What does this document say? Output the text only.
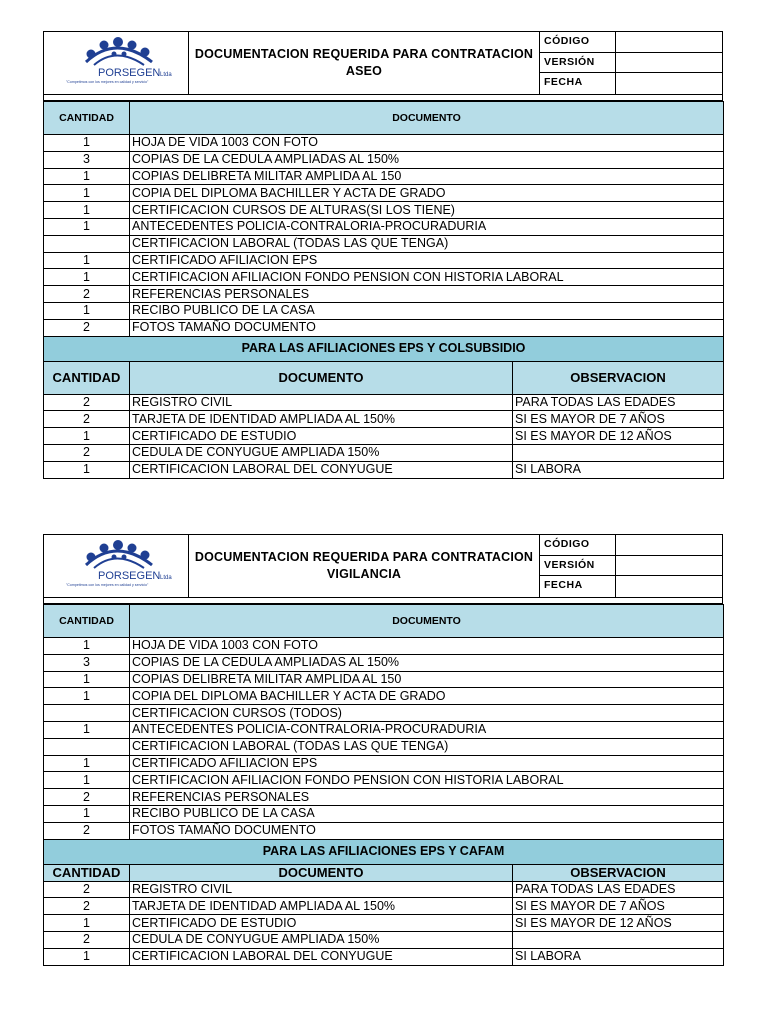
PORSEGEN Ltda
"Competimos con los mejores en calidad y servicio"
DOCUMENTACION REQUERIDA PARA CONTRATACION
ASEO
CÓDIGO
VERSIÓN
FECHA
CANTIDAD	DOCUMENTO	
1	HOJA DE VIDA 1003 CON FOTO	
3	COPIAS DE LA CEDULA AMPLIADAS AL 150%	
1	COPIAS DELIBRETA MILITAR AMPLIDA AL 150	
1	COPIA DEL DIPLOMA BACHILLER Y ACTA DE GRADO	
1	CERTIFICACION CURSOS DE ALTURAS(SI LOS TIENE)	
1	ANTECEDENTES POLICIA-CONTRALORIA-PROCURADURIA	
	CERTIFICACION LABORAL (TODAS LAS QUE TENGA)	
1	CERTIFICADO AFILIACION EPS	
1	CERTIFICACION AFILIACION FONDO PENSION CON HISTORIA LABORAL	
2	REFERENCIAS PERSONALES	
1	RECIBO PUBLICO DE LA CASA	
2	FOTOS TAMAÑO DOCUMENTO	
PARA LAS AFILIACIONES EPS Y COLSUBSIDIO		
CANTIDAD	DOCUMENTO	OBSERVACION
2	REGISTRO CIVIL	PARA TODAS LAS EDADES
2	TARJETA DE IDENTIDAD AMPLIADA AL 150%	SI ES MAYOR DE 7 AÑOS
1	CERTIFICADO DE ESTUDIO	SI ES MAYOR DE 12 AÑOS
2	CEDULA DE CONYUGUE AMPLIADA 150%	
1	CERTIFICACION LABORAL DEL CONYUGUE	SI LABORA
PORSEGEN Ltda
"Competimos con los mejores en calidad y servicio"
DOCUMENTACION REQUERIDA PARA CONTRATACION
VIGILANCIA
CÓDIGO
VERSIÓN
FECHA
CANTIDAD	DOCUMENTO	
1	HOJA DE VIDA 1003 CON FOTO	
3	COPIAS DE LA CEDULA AMPLIADAS AL 150%	
1	COPIAS DELIBRETA MILITAR AMPLIDA AL 150	
1	COPIA DEL DIPLOMA BACHILLER Y ACTA DE GRADO	
	CERTIFICACION CURSOS (TODOS)	
1	ANTECEDENTES POLICIA-CONTRALORIA-PROCURADURIA	
	CERTIFICACION LABORAL (TODAS LAS QUE TENGA)	
1	CERTIFICADO AFILIACION EPS	
1	CERTIFICACION AFILIACION FONDO PENSION CON HISTORIA LABORAL	
2	REFERENCIAS PERSONALES	
1	RECIBO PUBLICO DE LA CASA	
2	FOTOS TAMAÑO DOCUMENTO	
PARA LAS AFILIACIONES EPS Y CAFAM		
CANTIDAD	DOCUMENTO	OBSERVACION
2	REGISTRO CIVIL	PARA TODAS LAS EDADES
2	TARJETA DE IDENTIDAD AMPLIADA AL 150%	SI ES MAYOR DE 7 AÑOS
1	CERTIFICADO DE ESTUDIO	SI ES MAYOR DE 12 AÑOS
2	CEDULA DE CONYUGUE AMPLIADA 150%	
1	CERTIFICACION LABORAL DEL CONYUGUE	SI LABORA
